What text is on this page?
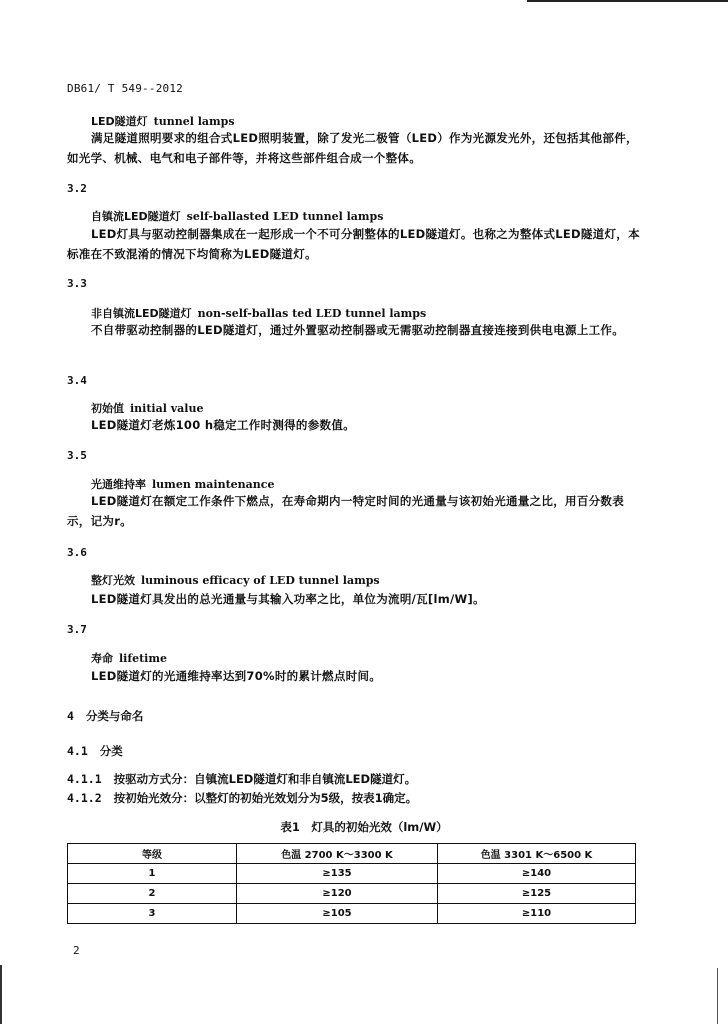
DB61/ T 549--2012
LED隧道灯 tunnel lamps
满足隧道照明要求的组合式LED照明装置，除了发光二极管（LED）作为光源发光外，还包括其他部件，如光学、机械、电气和电子部件等，并将这些部件组合成一个整体。
3.2
自镇流LED隧道灯 self-ballasted LED tunnel lamps
LED灯具与驱动控制器集成在一起形成一个不可分割整体的LED隧道灯。也称之为整体式LED隧道灯，本标准在不致混淆的情况下均简称为LED隧道灯。
3.3
非自镇流LED隧道灯 non-self-ballas ted LED tunnel lamps
不自带驱动控制器的LED隧道灯，通过外置驱动控制器或无需驱动控制器直接连接到供电电源上工作。
3.4
初始值 initial value
LED隧道灯老炼100 h稳定工作时测得的参数值。
3.5
光通维持率 lumen maintenance
LED隧道灯在额定工作条件下燃点，在寿命期内一特定时间的光通量与该初始光通量之比，用百分数表示，记为r。
3.6
整灯光效 luminous efficacy of LED tunnel lamps
LED隧道灯具发出的总光通量与其输入功率之比，单位为流明/瓦[lm/W]。
3.7
寿命 lifetime
LED隧道灯的光通维持率达到70%时的累计燃点时间。
4 分类与命名
4.1 分类
4.1.1 按驱动方式分：自镇流LED隧道灯和非自镇流LED隧道灯。
4.1.2 按初始光效分：以整灯的初始光效划分为5级，按表1确定。
表1　灯具的初始光效（lm/W）
等级	色温 2700 K～3300 K	色温 3301 K～6500 K
1	≥135	≥140
2	≥120	≥125
3	≥105	≥110
2
